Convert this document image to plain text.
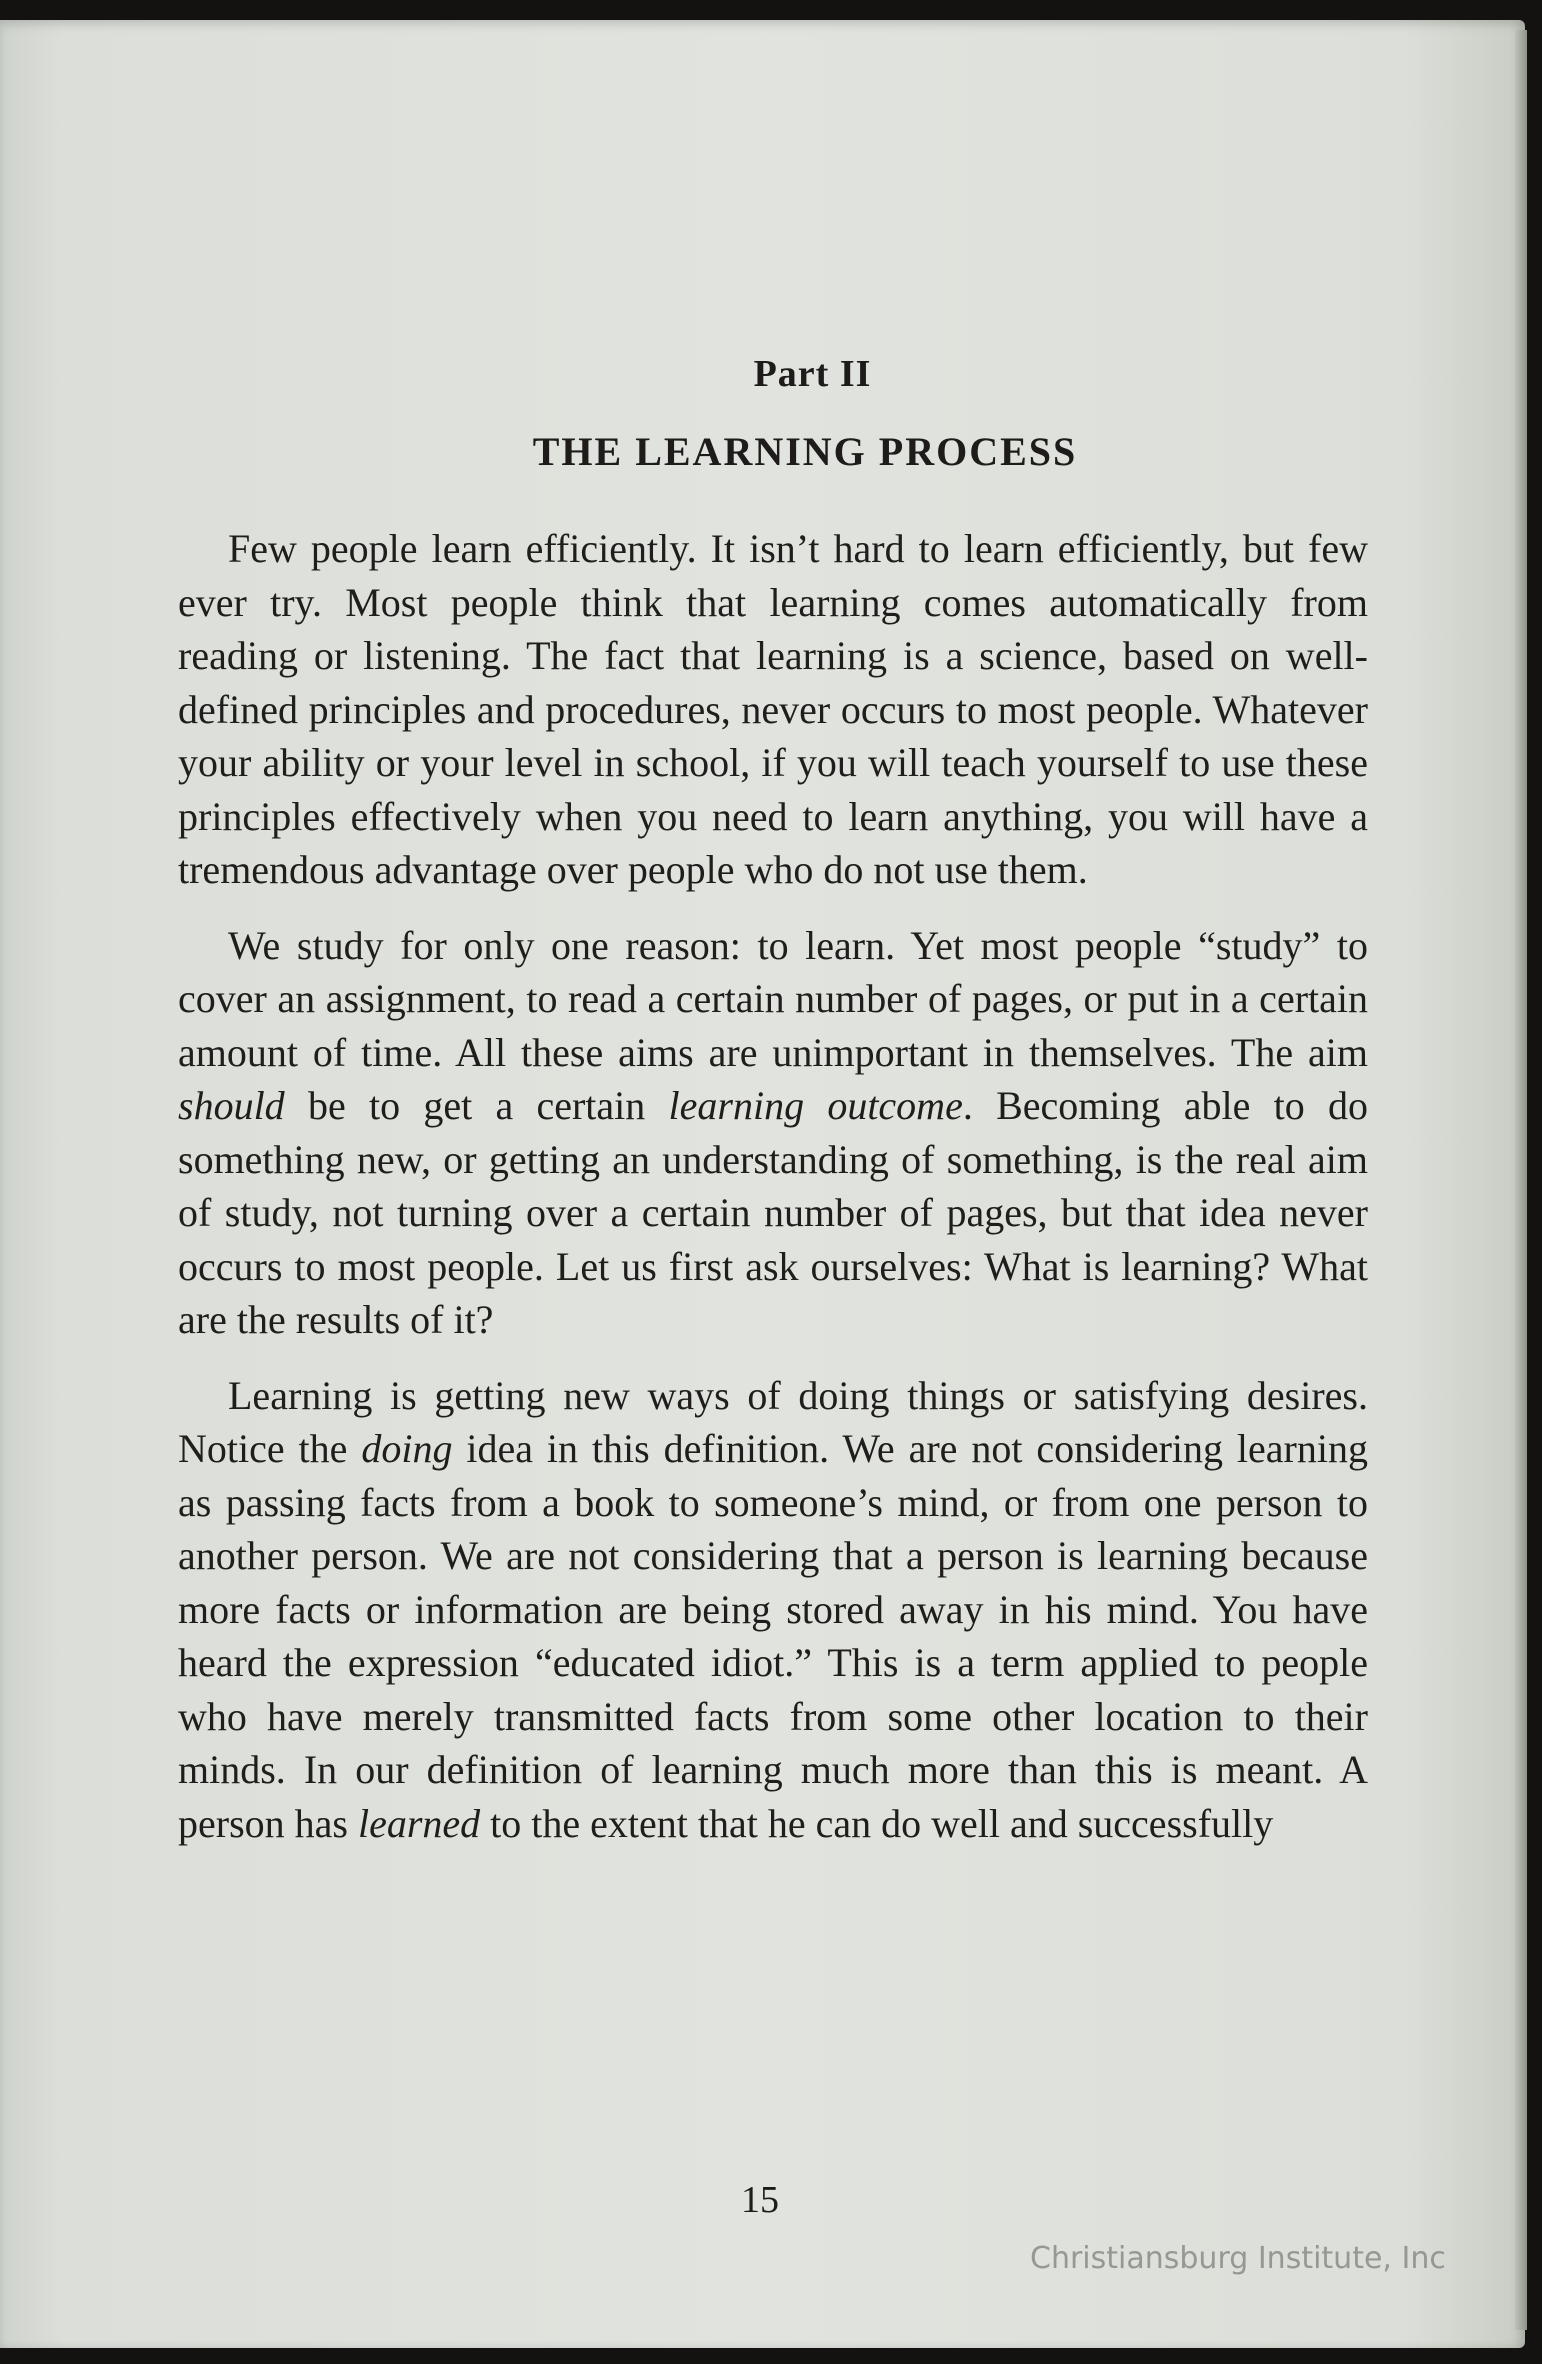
Part II
THE LEARNING PROCESS

Few people learn efficiently. It isn’t hard to learn efficiently, but few ever try. Most people think that learning comes automatically from reading or listening. The fact that learning is a science, based on well-defined principles and procedures, never occurs to most people. Whatever your ability or your level in school, if you will teach yourself to use these principles effectively when you need to learn anything, you will have a tremendous advantage over people who do not use them.

We study for only one reason: to learn. Yet most people “study” to cover an assignment, to read a certain number of pages, or put in a certain amount of time. All these aims are unimportant in themselves. The aim should be to get a certain learning outcome. Becoming able to do something new, or getting an understanding of something, is the real aim of study, not turning over a certain number of pages, but that idea never occurs to most people. Let us first ask ourselves: What is learning? What are the results of it?

Learning is getting new ways of doing things or satisfying desires. Notice the doing idea in this definition. We are not considering learning as passing facts from a book to someone’s mind, or from one person to another person. We are not considering that a person is learning because more facts or information are being stored away in his mind. You have heard the expression “educated idiot.” This is a term applied to people who have merely transmitted facts from some other location to their minds. In our definition of learning much more than this is meant. A person has learned to the extent that he can do well and successfully

15
Christiansburg Institute, Inc
